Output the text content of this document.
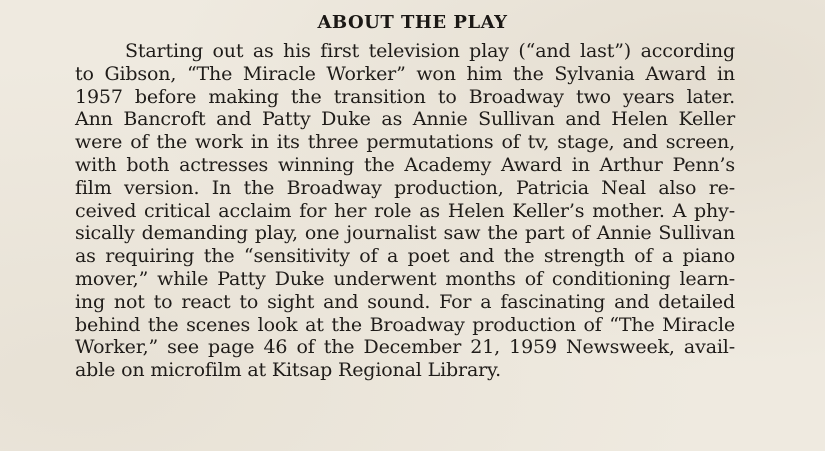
ABOUT THE PLAY
Starting out as his first television play (“and last”) according
to Gibson, “The Miracle Worker” won him the Sylvania Award in
1957 before making the transition to Broadway two years later.
Ann Bancroft and Patty Duke as Annie Sullivan and Helen Keller
were of the work in its three permutations of tv, stage, and screen,
with both actresses winning the Academy Award in Arthur Penn’s
film version. In the Broadway production, Patricia Neal also re-
ceived critical acclaim for her role as Helen Keller’s mother. A phy-
sically demanding play, one journalist saw the part of Annie Sullivan
as requiring the “sensitivity of a poet and the strength of a piano
mover,” while Patty Duke underwent months of conditioning learn-
ing not to react to sight and sound. For a fascinating and detailed
behind the scenes look at the Broadway production of “The Miracle
Worker,” see page 46 of the December 21, 1959 Newsweek, avail-
able on microfilm at Kitsap Regional Library.
